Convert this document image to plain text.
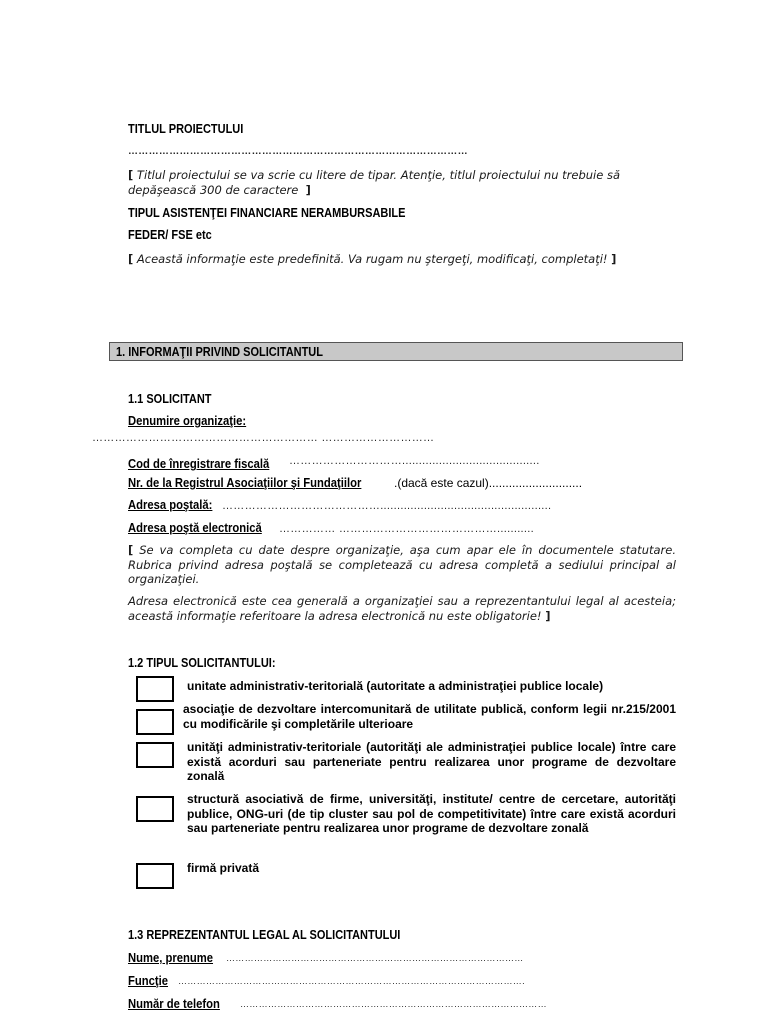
TITLUL PROIECTULUI
………………………………………………………………………………………
[ Titlul proiectului se va scrie cu litere de tipar. Atenţie, titlul proiectului nu trebuie să depăşească 300 de caractere ]
TIPUL ASISTENŢEI FINANCIARE NERAMBURSABILE
FEDER/ FSE etc
[ Această informaţie este predefinită. Va rugam nu ştergeţi, modificaţi, completaţi! ]
1. INFORMAŢII PRIVIND SOLICITANTUL
1.1 SOLICITANT
Denumire organizaţie:
…………………………………………………… …………………………
Cod de înregistrare fiscală	………………………….........................................
Nr. de la Registrul Asociaţiilor şi Fundaţiilor	.(dacă este cazul)............................
Adresa poştală: ……………………………………...................................................
Adresa poştă electronică …………… ……………………………………...........
[ Se va completa cu date despre organizaţie, aşa cum apar ele în documentele statutare. Rubrica privind adresa poştală se completează cu adresa completă a sediului principal al organizaţiei.
Adresa electronică este cea generală a organizaţiei sau a reprezentantului legal al acesteia; această informaţie referitoare la adresa electronică nu este obligatorie! ]
1.2 TIPUL SOLICITANTULUI:
unitate administrativ-teritorială (autoritate a administraţiei publice locale)
asociaţie de dezvoltare intercomunitară de utilitate publică, conform legii nr.215/2001 cu modificările şi completările ulterioare
unităţi administrativ-teritoriale (autorităţi ale administraţiei publice locale) între care există acorduri sau parteneriate pentru realizarea unor programe de dezvoltare zonală
structură asociativă de firme, universităţi, institute/ centre de cercetare, autorităţi publice, ONG-uri (de tip cluster sau pol de competitivitate) între care există acorduri sau parteneriate pentru realizarea unor programe de dezvoltare zonală
firmă privată
1.3 REPREZENTANTUL LEGAL AL SOLICITANTULUI
Nume, prenume ……………………………………………………………………………………
Funcţie ………………………………………………………………………………………………….
Număr de telefon ………………………………………………………………………………………
